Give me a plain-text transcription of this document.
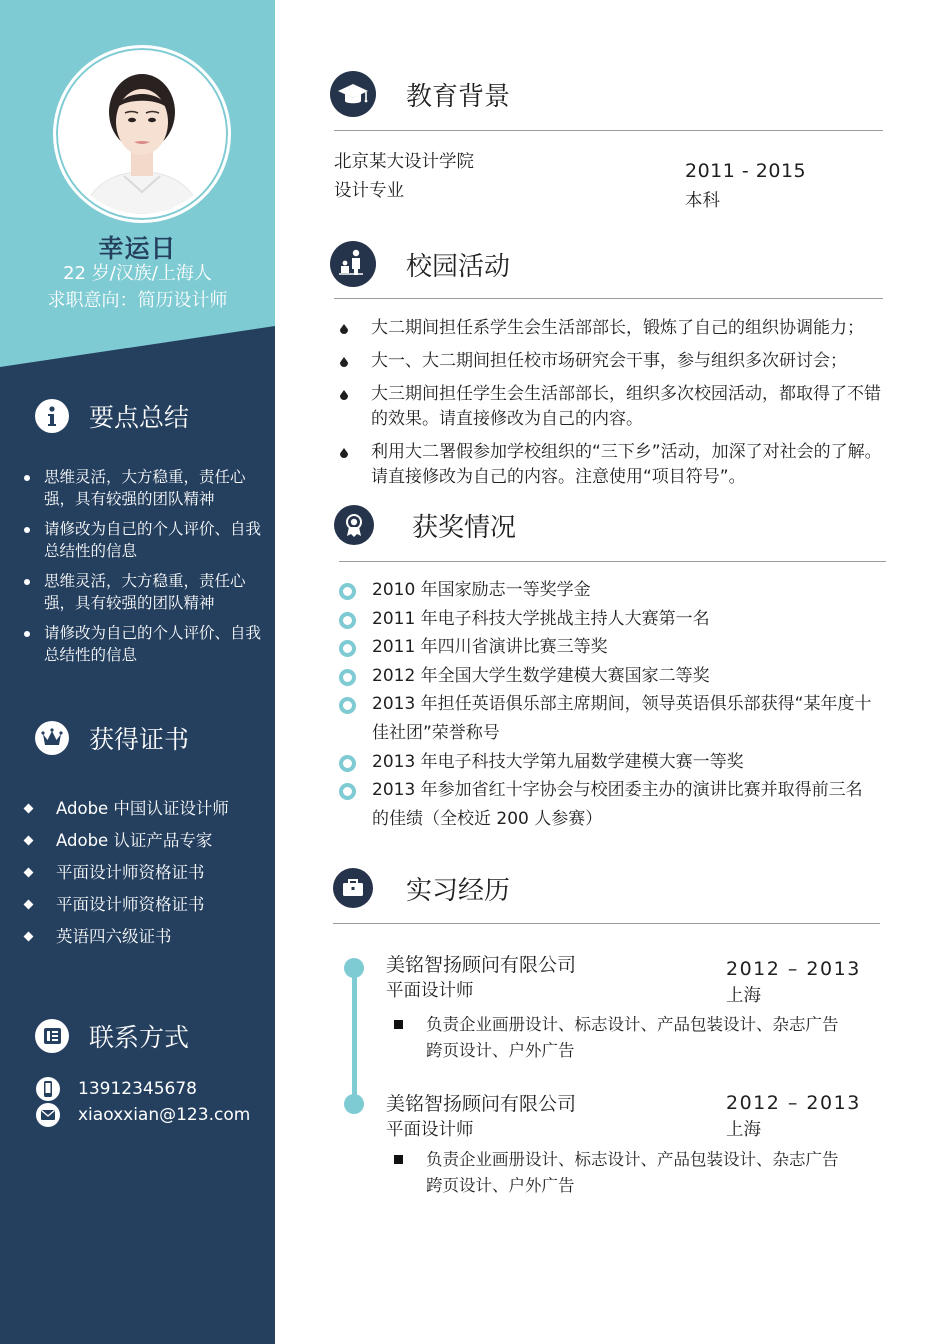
幸运日
22 岁/汉族/上海人
求职意向：简历设计师
要点总结
思维灵活，大方稳重，责任心强，具有较强的团队精神
请修改为自己的个人评价、自我总结性的信息
思维灵活，大方稳重，责任心强，具有较强的团队精神
请修改为自己的个人评价、自我总结性的信息
获得证书
Adobe 中国认证设计师
Adobe 认证产品专家
平面设计师资格证书
平面设计师资格证书
英语四六级证书
联系方式
13912345678
xiaoxxian@123.com
教育背景
北京某大设计学院
设计专业
2011 - 2015
本科
校园活动
大二期间担任系学生会生活部部长，锻炼了自己的组织协调能力；
大一、大二期间担任校市场研究会干事，参与组织多次研讨会；
大三期间担任学生会生活部部长，组织多次校园活动，都取得了不错的效果。请直接修改为自己的内容。
利用大二署假参加学校组织的“三下乡”活动，加深了对社会的了解。请直接修改为自己的内容。注意使用“项目符号”。
获奖情况
2010 年国家励志一等奖学金
2011 年电子科技大学挑战主持人大赛第一名
2011 年四川省演讲比赛三等奖
2012 年全国大学生数学建模大赛国家二等奖
2013 年担任英语俱乐部主席期间，领导英语俱乐部获得“某年度十佳社团”荣誉称号
2013 年电子科技大学第九届数学建模大赛一等奖
2013 年参加省红十字协会与校团委主办的演讲比赛并取得前三名的佳绩（全校近 200 人参赛）
实习经历
美铭智扬顾问有限公司
平面设计师
2012 – 2013
上海
负责企业画册设计、标志设计、产品包装设计、杂志广告跨页设计、户外广告
美铭智扬顾问有限公司
平面设计师
2012 – 2013
上海
负责企业画册设计、标志设计、产品包装设计、杂志广告跨页设计、户外广告
